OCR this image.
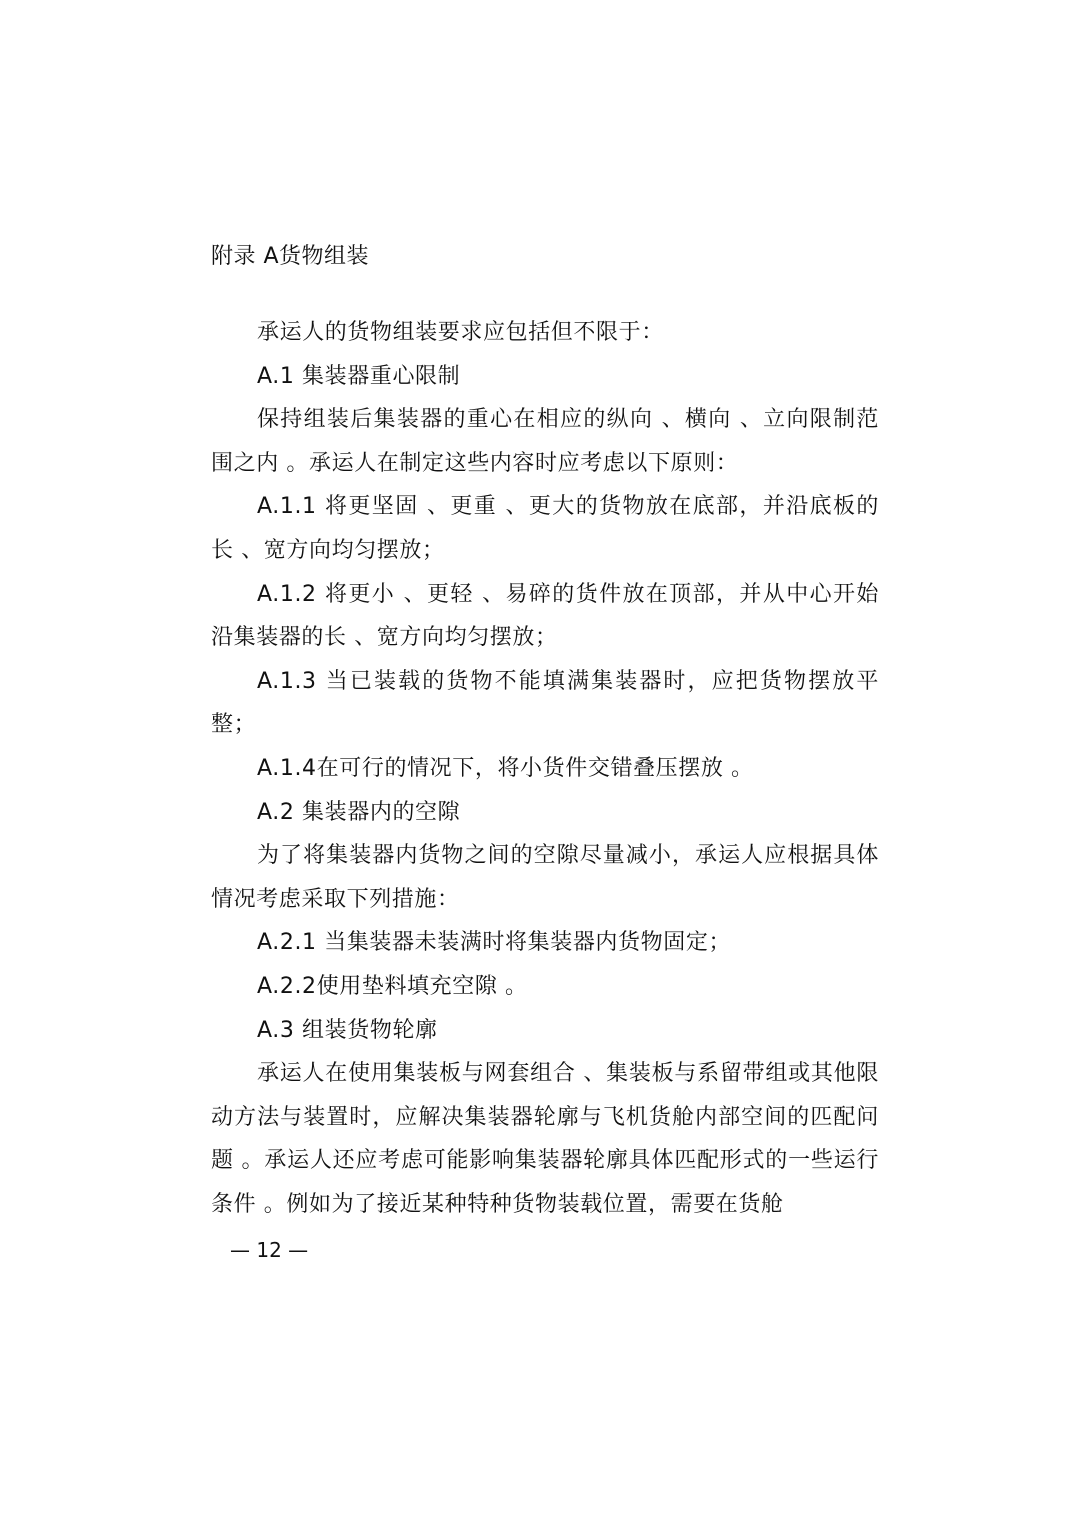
附录 A货物组装

承运人的货物组装要求应包括但不限于：

A.1 集装器重心限制

保持组装后集装器的重心在相应的纵向 、横向 、立向限制范围之内 。承运人在制定这些内容时应考虑以下原则：

A.1.1 将更坚固 、更重 、更大的货物放在底部，并沿底板的长 、宽方向均匀摆放；

A.1.2 将更小 、更轻 、易碎的货件放在顶部，并从中心开始沿集装器的长 、宽方向均匀摆放；

A.1.3 当已装载的货物不能填满集装器时，应把货物摆放平整；

A.1.4在可行的情况下，将小货件交错叠压摆放 。

A.2 集装器内的空隙

为了将集装器内货物之间的空隙尽量减小，承运人应根据具体情况考虑采取下列措施：

A.2.1 当集装器未装满时将集装器内货物固定；

A.2.2使用垫料填充空隙 。

A.3 组装货物轮廓

承运人在使用集装板与网套组合 、集装板与系留带组或其他限动方法与装置时，应解决集装器轮廓与飞机货舱内部空间的匹配问题 。承运人还应考虑可能影响集装器轮廓具体匹配形式的一些运行条件 。例如为了接近某种特种货物装载位置，需要在货舱

— 12 —
